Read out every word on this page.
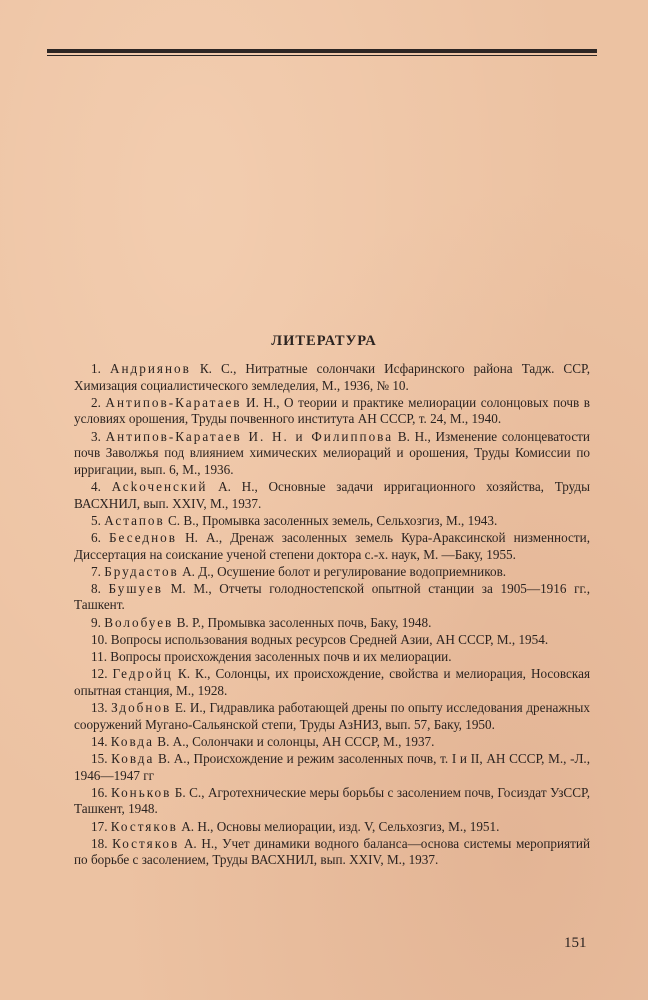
ЛИТЕРАТУРА

1. Андриянов К. С., Нитратные солончаки Исфаринского района Тадж. ССР, Химизация социалистического земледелия, М., 1936, № 10.

2. Антипов-Каратаев И. Н., О теории и практике мелиорации солонцовых почв в условиях орошения, Труды почвенного института АН СССР, т. 24, М., 1940.

3. Антипов-Каратаев И. Н. и Филиппова В. Н., Изменение солонцеватости почв Заволжья под влиянием химических мелиораций и орошения, Труды Комиссии по ирригации, вып. 6, М., 1936.

4. Асkоченский А. Н., Основные задачи ирригационного хозяйства, Труды ВАСХНИЛ, вып. XXIV, М., 1937.

5. Астапов С. В., Промывка засоленных земель, Сельхозгиз, М., 1943.

6. Беседнов Н. А., Дренаж засоленных земель Кура-Араксинской низменности, Диссертация на соискание ученой степени доктора с.-х. наук, М. —Баку, 1955.

7. Брудастов А. Д., Осушение болот и регулирование водоприемников.

8. Бушуев М. М., Отчеты голодностепской опытной станции за 1905—1916 гг., Ташкент.

9. Волобуев В. Р., Промывка засоленных почв, Баку, 1948.

10. Вопросы использования водных ресурсов Средней Азии, АН СССР, М., 1954.

11. Вопросы происхождения засоленных почв и их мелиорации.

12. Гедройц К. К., Солонцы, их происхождение, свойства и мелиорация, Носовская опытная станция, М., 1928.

13. Здобнов Е. И., Гидравлика работающей дрены по опыту исследования дренажных сооружений Мугано-Сальянской степи, Труды АзНИЗ, вып. 57, Баку, 1950.

14. Ковда В. А., Солончаки и солонцы, АН СССР, М., 1937.

15. Ковда В. А., Происхождение и режим засоленных почв, т. I и II, АН СССР, М., -Л., 1946—1947 гг

16. Коньков Б. С., Агротехнические меры борьбы с засолением почв, Госиздат УзССР, Ташкент, 1948.

17. Костяков А. Н., Основы мелиорации, изд. V, Сельхозгиз, М., 1951.

18. Костяков А. Н., Учет динамики водного баланса—основа системы мероприятий по борьбе с засолением, Труды ВАСХНИЛ, вып. XXIV, М., 1937.

151
